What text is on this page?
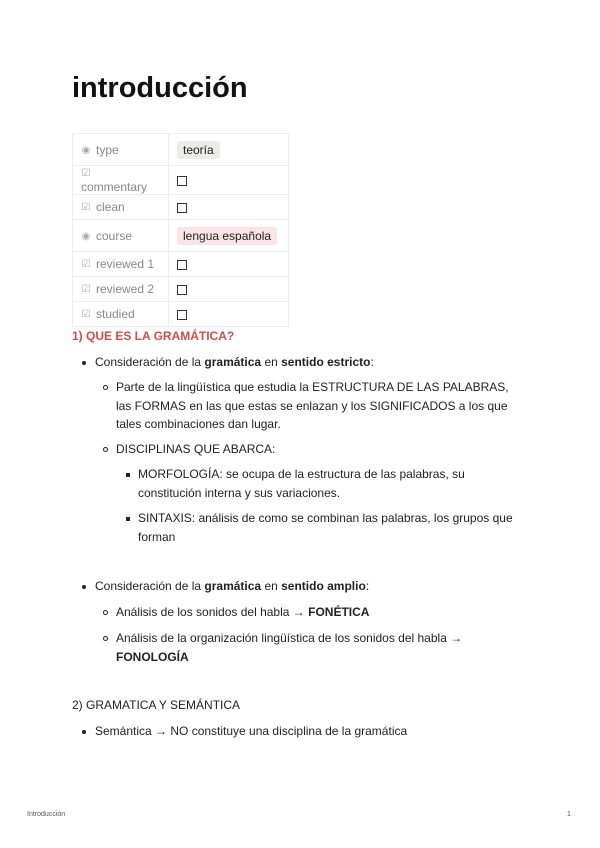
introducción
◉ type	teoría
☑commentary	
☑ clean	
◉ course	lengua española
☑ reviewed 1	
☑ reviewed 2	
☑ studied	
1) QUE ES LA GRAMÁTICA?
Consideración de la gramática en sentido estricto:
Parte de la lingüística que estudia la ESTRUCTURA DE LAS PALABRAS, las FORMAS en las que estas se enlazan y los SIGNIFICADOS a los que tales combinaciones dan lugar.
DISCIPLINAS QUE ABARCA:
MORFOLOGÍA: se ocupa de la estructura de las palabras, su constitución interna y sus variaciones.
SINTAXIS: análisis de como se combinan las palabras, los grupos que forman
Consideración de la gramática en sentido amplio:
Análisis de los sonidos del habla → FONÉTICA
Análisis de la organización lingüística de los sonidos del habla → FONOLOGÍA
2) GRAMATICA Y SEMÁNTICA
Semántica → NO constituye una disciplina de la gramática
Introducción	1
